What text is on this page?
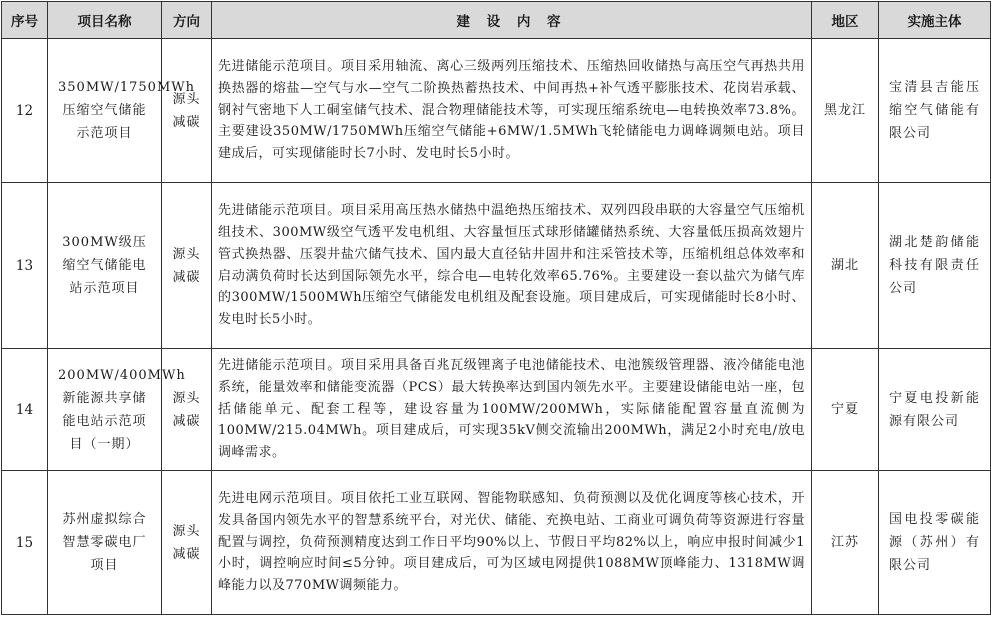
序号	项目名称	方向	建 设 内 容	地区	实施主体
12	350MW/1750MWh压缩空气储能示范项目	源头减碳	先进储能示范项目。项目采用轴流、离心三级两列压缩技术、压缩热回收储热与高压空气再热共用换热器的熔盐—空气与水—空气二阶换热蓄热技术、中间再热+补气透平膨胀技术、花岗岩承载、钢衬气密地下人工硐室储气技术、混合物理储能技术等，可实现压缩系统电—电转换效率73.8%。主要建设350MW/1750MWh压缩空气储能+6MW/1.5MWh飞轮储能电力调峰调频电站。项目建成后，可实现储能时长7小时、发电时长5小时。	黑龙江	宝清县吉能压缩空气储能有限公司
13	300MW级压缩空气储能电站示范项目	源头减碳	先进储能示范项目。项目采用高压热水储热中温绝热压缩技术、双列四段串联的大容量空气压缩机组技术、300MW级空气透平发电机组、大容量恒压式球形储罐储热系统、大容量低压损高效翅片管式换热器、压裂井盐穴储气技术、国内最大直径钻井固井和注采管技术等，压缩机组总体效率和启动满负荷时长达到国际领先水平，综合电—电转化效率65.76%。主要建设一套以盐穴为储气库的300MW/1500MWh压缩空气储能发电机组及配套设施。项目建成后，可实现储能时长8小时、发电时长5小时。	湖北	湖北楚韵储能科技有限责任公司
14	200MW/400MWh新能源共享储能电站示范项目（一期）	源头减碳	先进储能示范项目。项目采用具备百兆瓦级锂离子电池储能技术、电池簇级管理器、液冷储能电池系统，能量效率和储能变流器（PCS）最大转换率达到国内领先水平。主要建设储能电站一座，包括储能单元、配套工程等，建设容量为100MW/200MWh，实际储能配置容量直流侧为100MW/215.04MWh。项目建成后，可实现35kV侧交流输出200MWh，满足2小时充电/放电调峰需求。	宁夏	宁夏电投新能源有限公司
15	苏州虚拟综合智慧零碳电厂项目	源头减碳	先进电网示范项目。项目依托工业互联网、智能物联感知、负荷预测以及优化调度等核心技术，开发具备国内领先水平的智慧系统平台，对光伏、储能、充换电站、工商业可调负荷等资源进行容量配置与调控，负荷预测精度达到工作日平均90%以上、节假日平均82%以上，响应申报时间减少1小时，调控响应时间≤5分钟。项目建成后，可为区域电网提供1088MW顶峰能力、1318MW调峰能力以及770MW调频能力。	江苏	国电投零碳能源（苏州）有限公司
